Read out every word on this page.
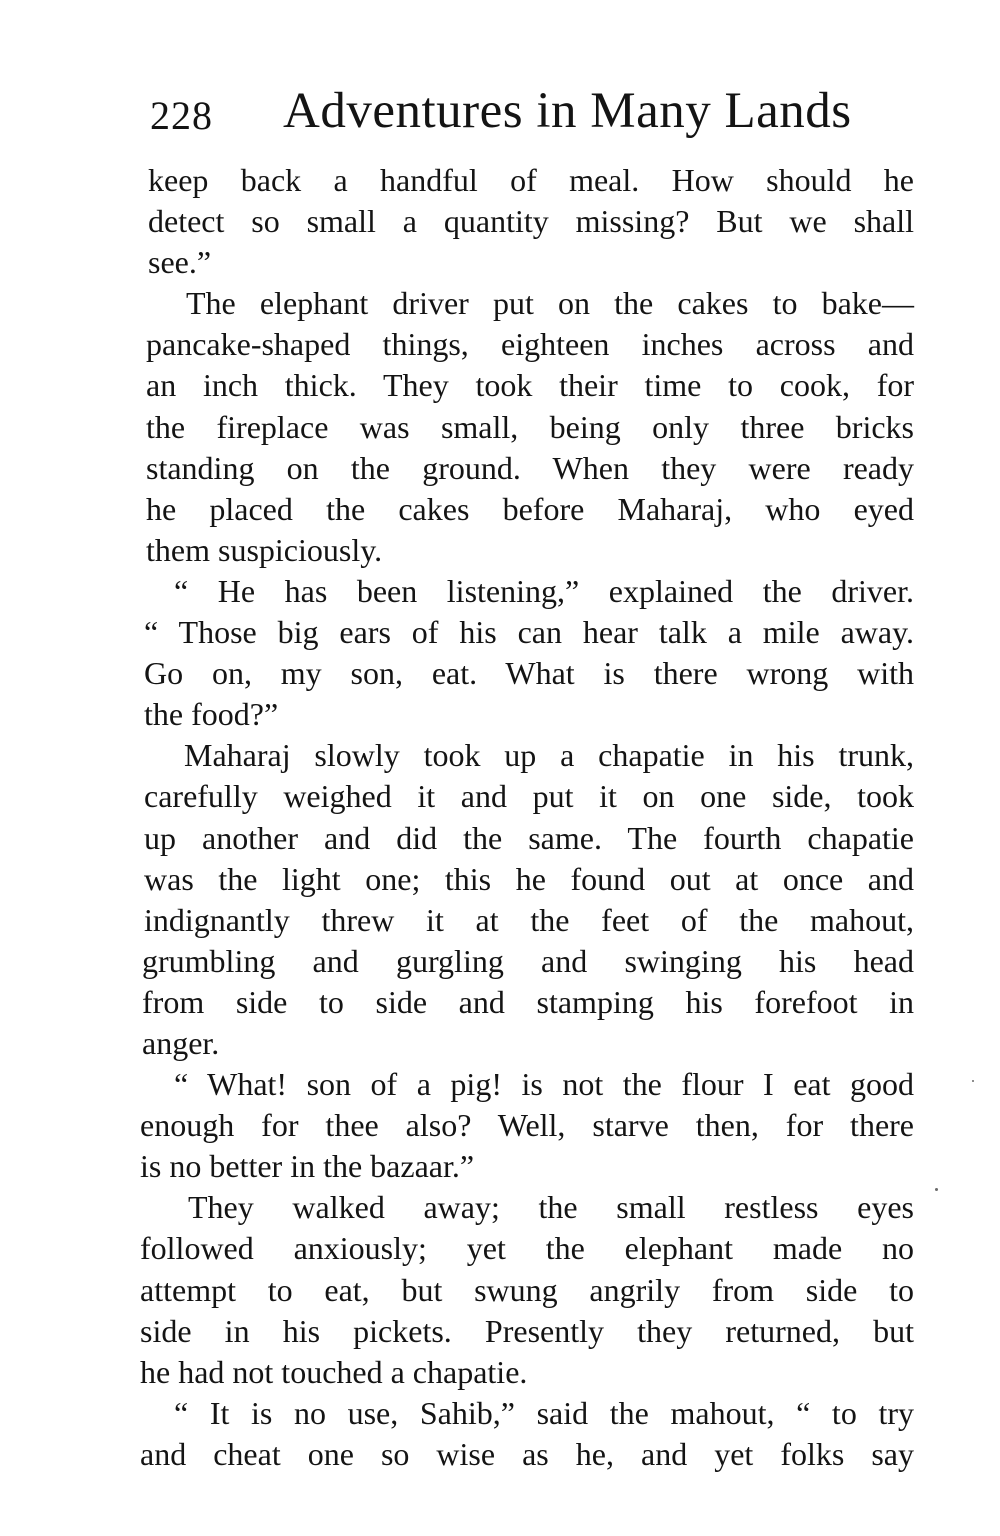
228 Adventures in Many Lands
keep back a handful of meal. How should he
detect so small a quantity missing? But we shall
see.”
The elephant driver put on the cakes to bake—
pancake-shaped things, eighteen inches across and
an inch thick. They took their time to cook, for
the fireplace was small, being only three bricks
standing on the ground. When they were ready
he placed the cakes before Maharaj, who eyed
them suspiciously.
“ He has been listening,” explained the driver.
“ Those big ears of his can hear talk a mile away.
Go on, my son, eat. What is there wrong with
the food?”
Maharaj slowly took up a chapatie in his trunk,
carefully weighed it and put it on one side, took
up another and did the same. The fourth chapatie
was the light one; this he found out at once and
indignantly threw it at the feet of the mahout,
grumbling and gurgling and swinging his head
from side to side and stamping his forefoot in
anger.
“ What! son of a pig! is not the flour I eat good
enough for thee also? Well, starve then, for there
is no better in the bazaar.”
They walked away; the small restless eyes
followed anxiously; yet the elephant made no
attempt to eat, but swung angrily from side to
side in his pickets. Presently they returned, but
he had not touched a chapatie.
“ It is no use, Sahib,” said the mahout, “ to try
and cheat one so wise as he, and yet folks say
